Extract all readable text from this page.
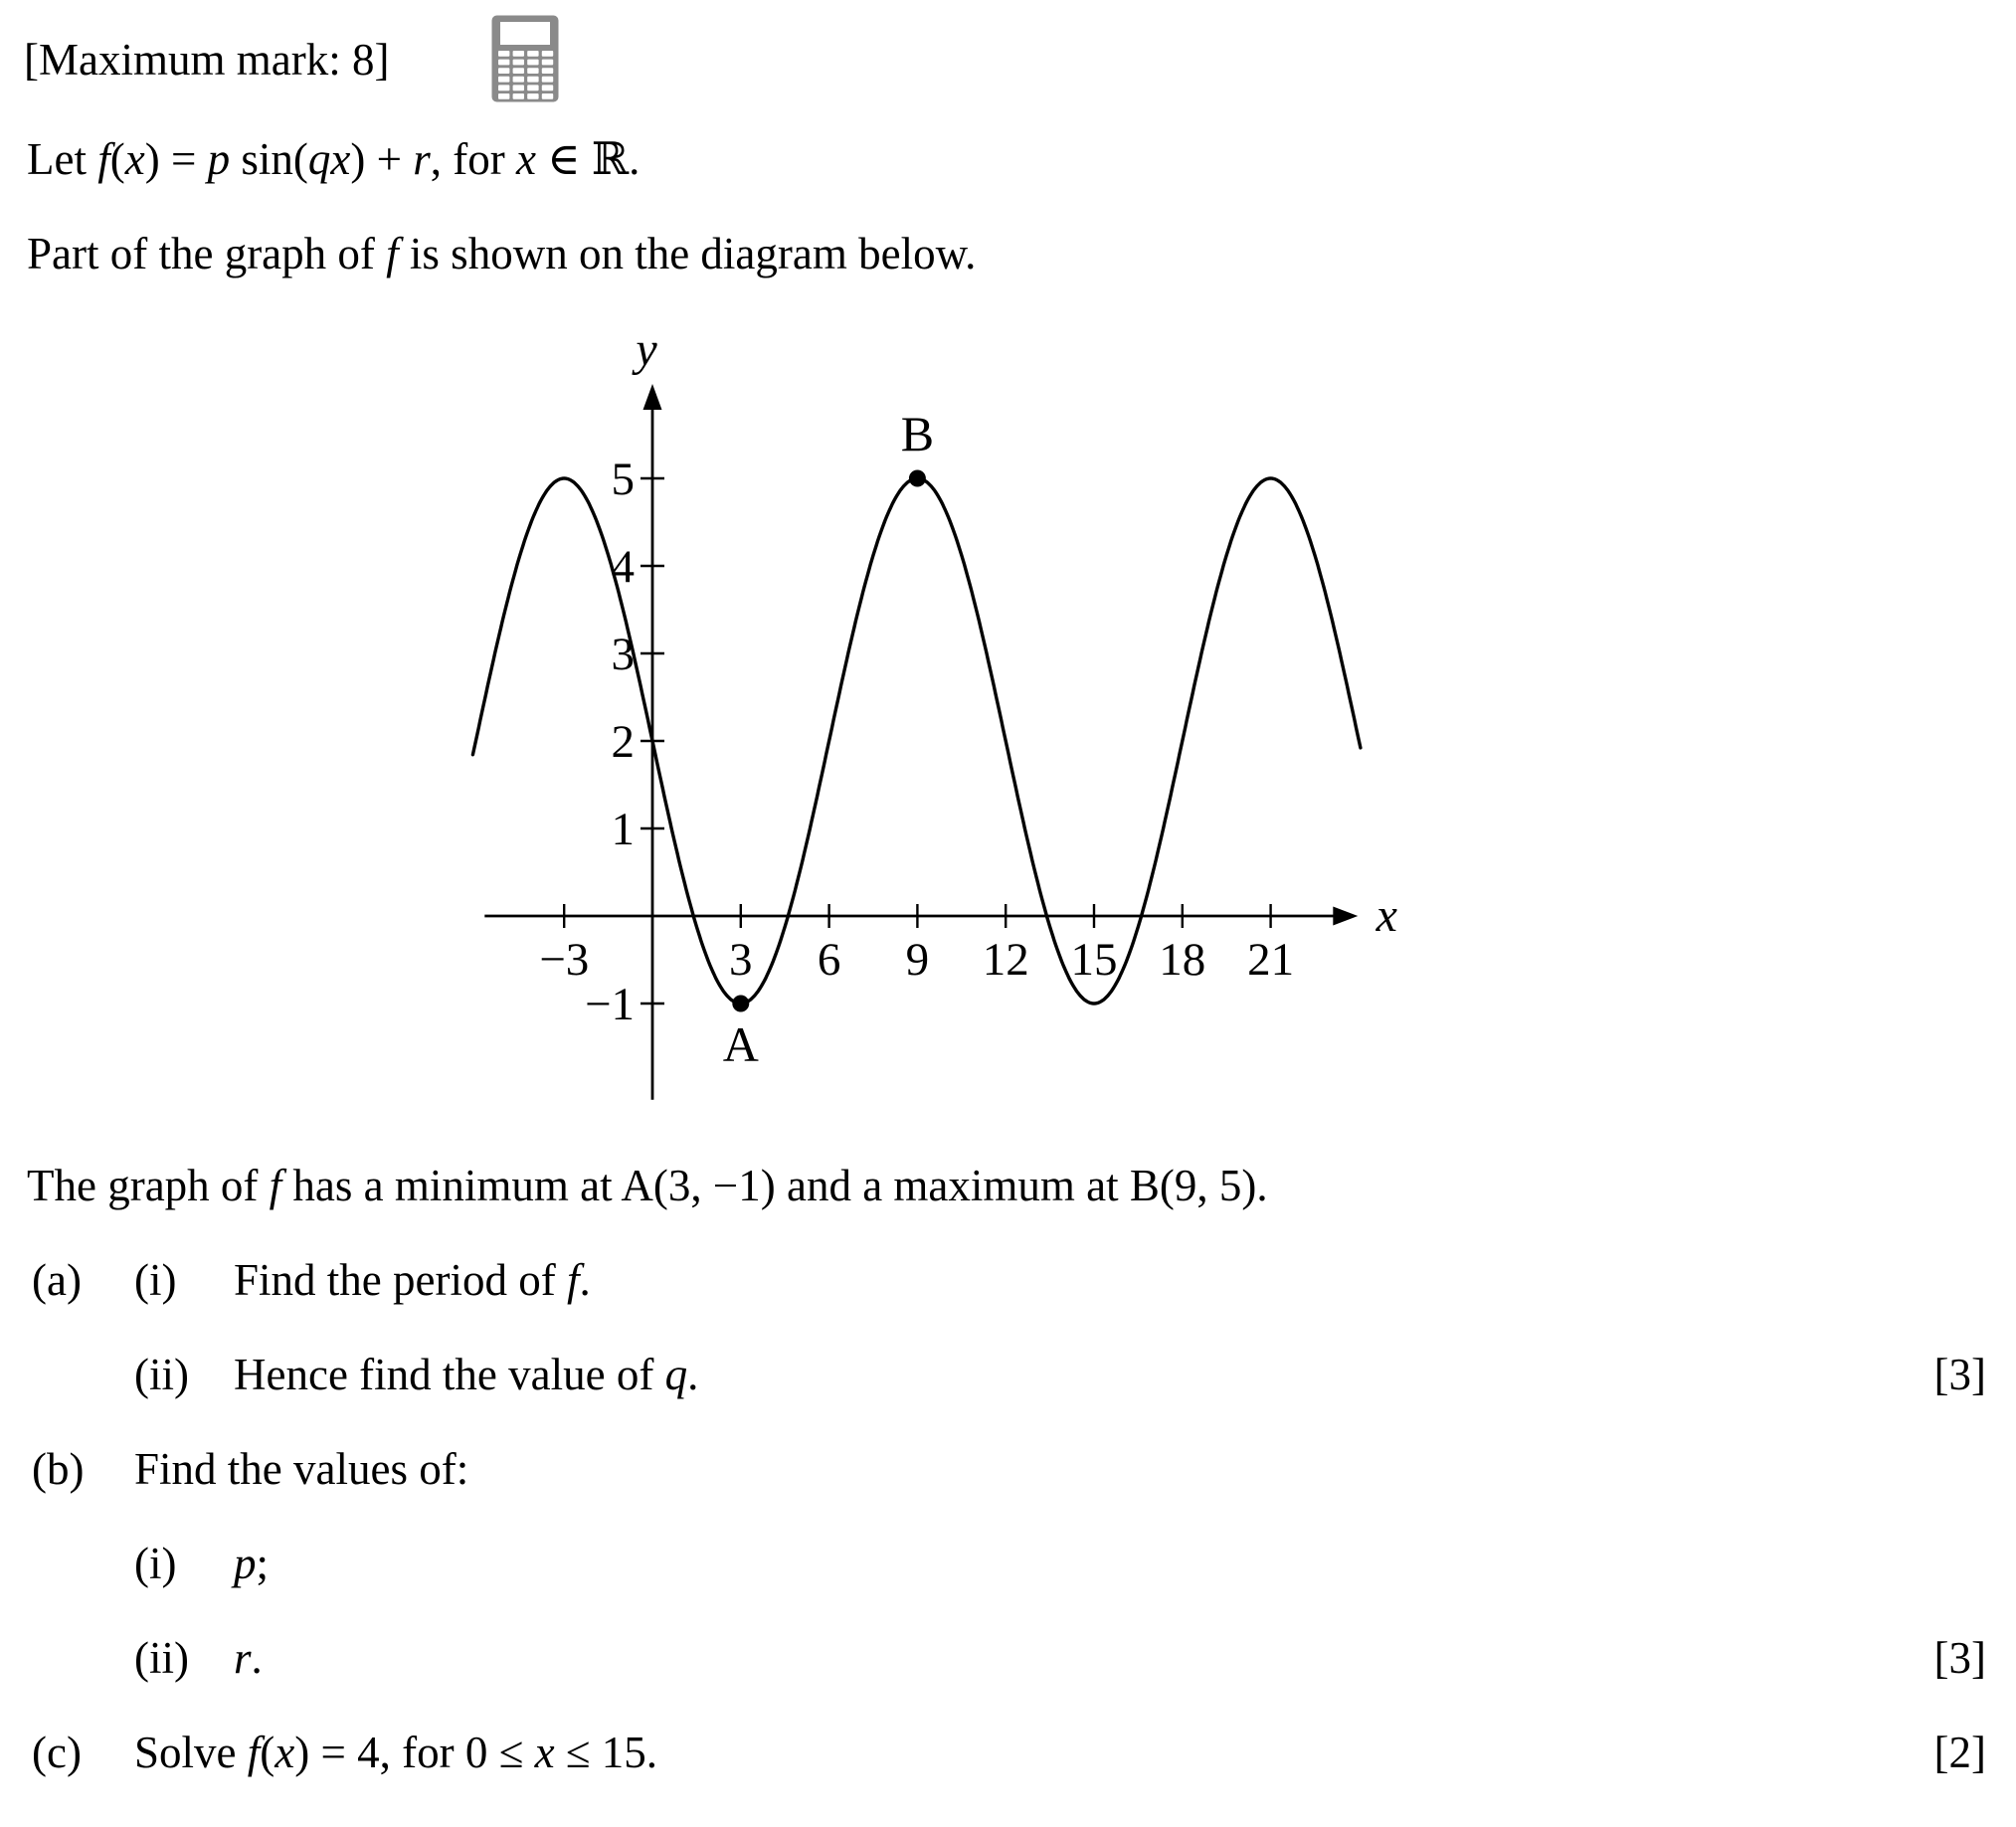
[Maximum mark: 8]
Let f(x) = p sin(qx) + r, for x ∈ ℝ.
Part of the graph of f is shown on the diagram below.
x
y
−3	3 6 9 12 15 18 21
5
4
3
2
1
−1
A
B
The graph of f has a minimum at A(3, −1) and a maximum at B(9, 5).
(a) (i) Find the period of f.
(ii) Hence find the value of q.	[3]
(b) Find the values of:
(i) p;
(ii) r.	[3]
(c) Solve f(x) = 4, for 0 ≤ x ≤ 15.	[2]
